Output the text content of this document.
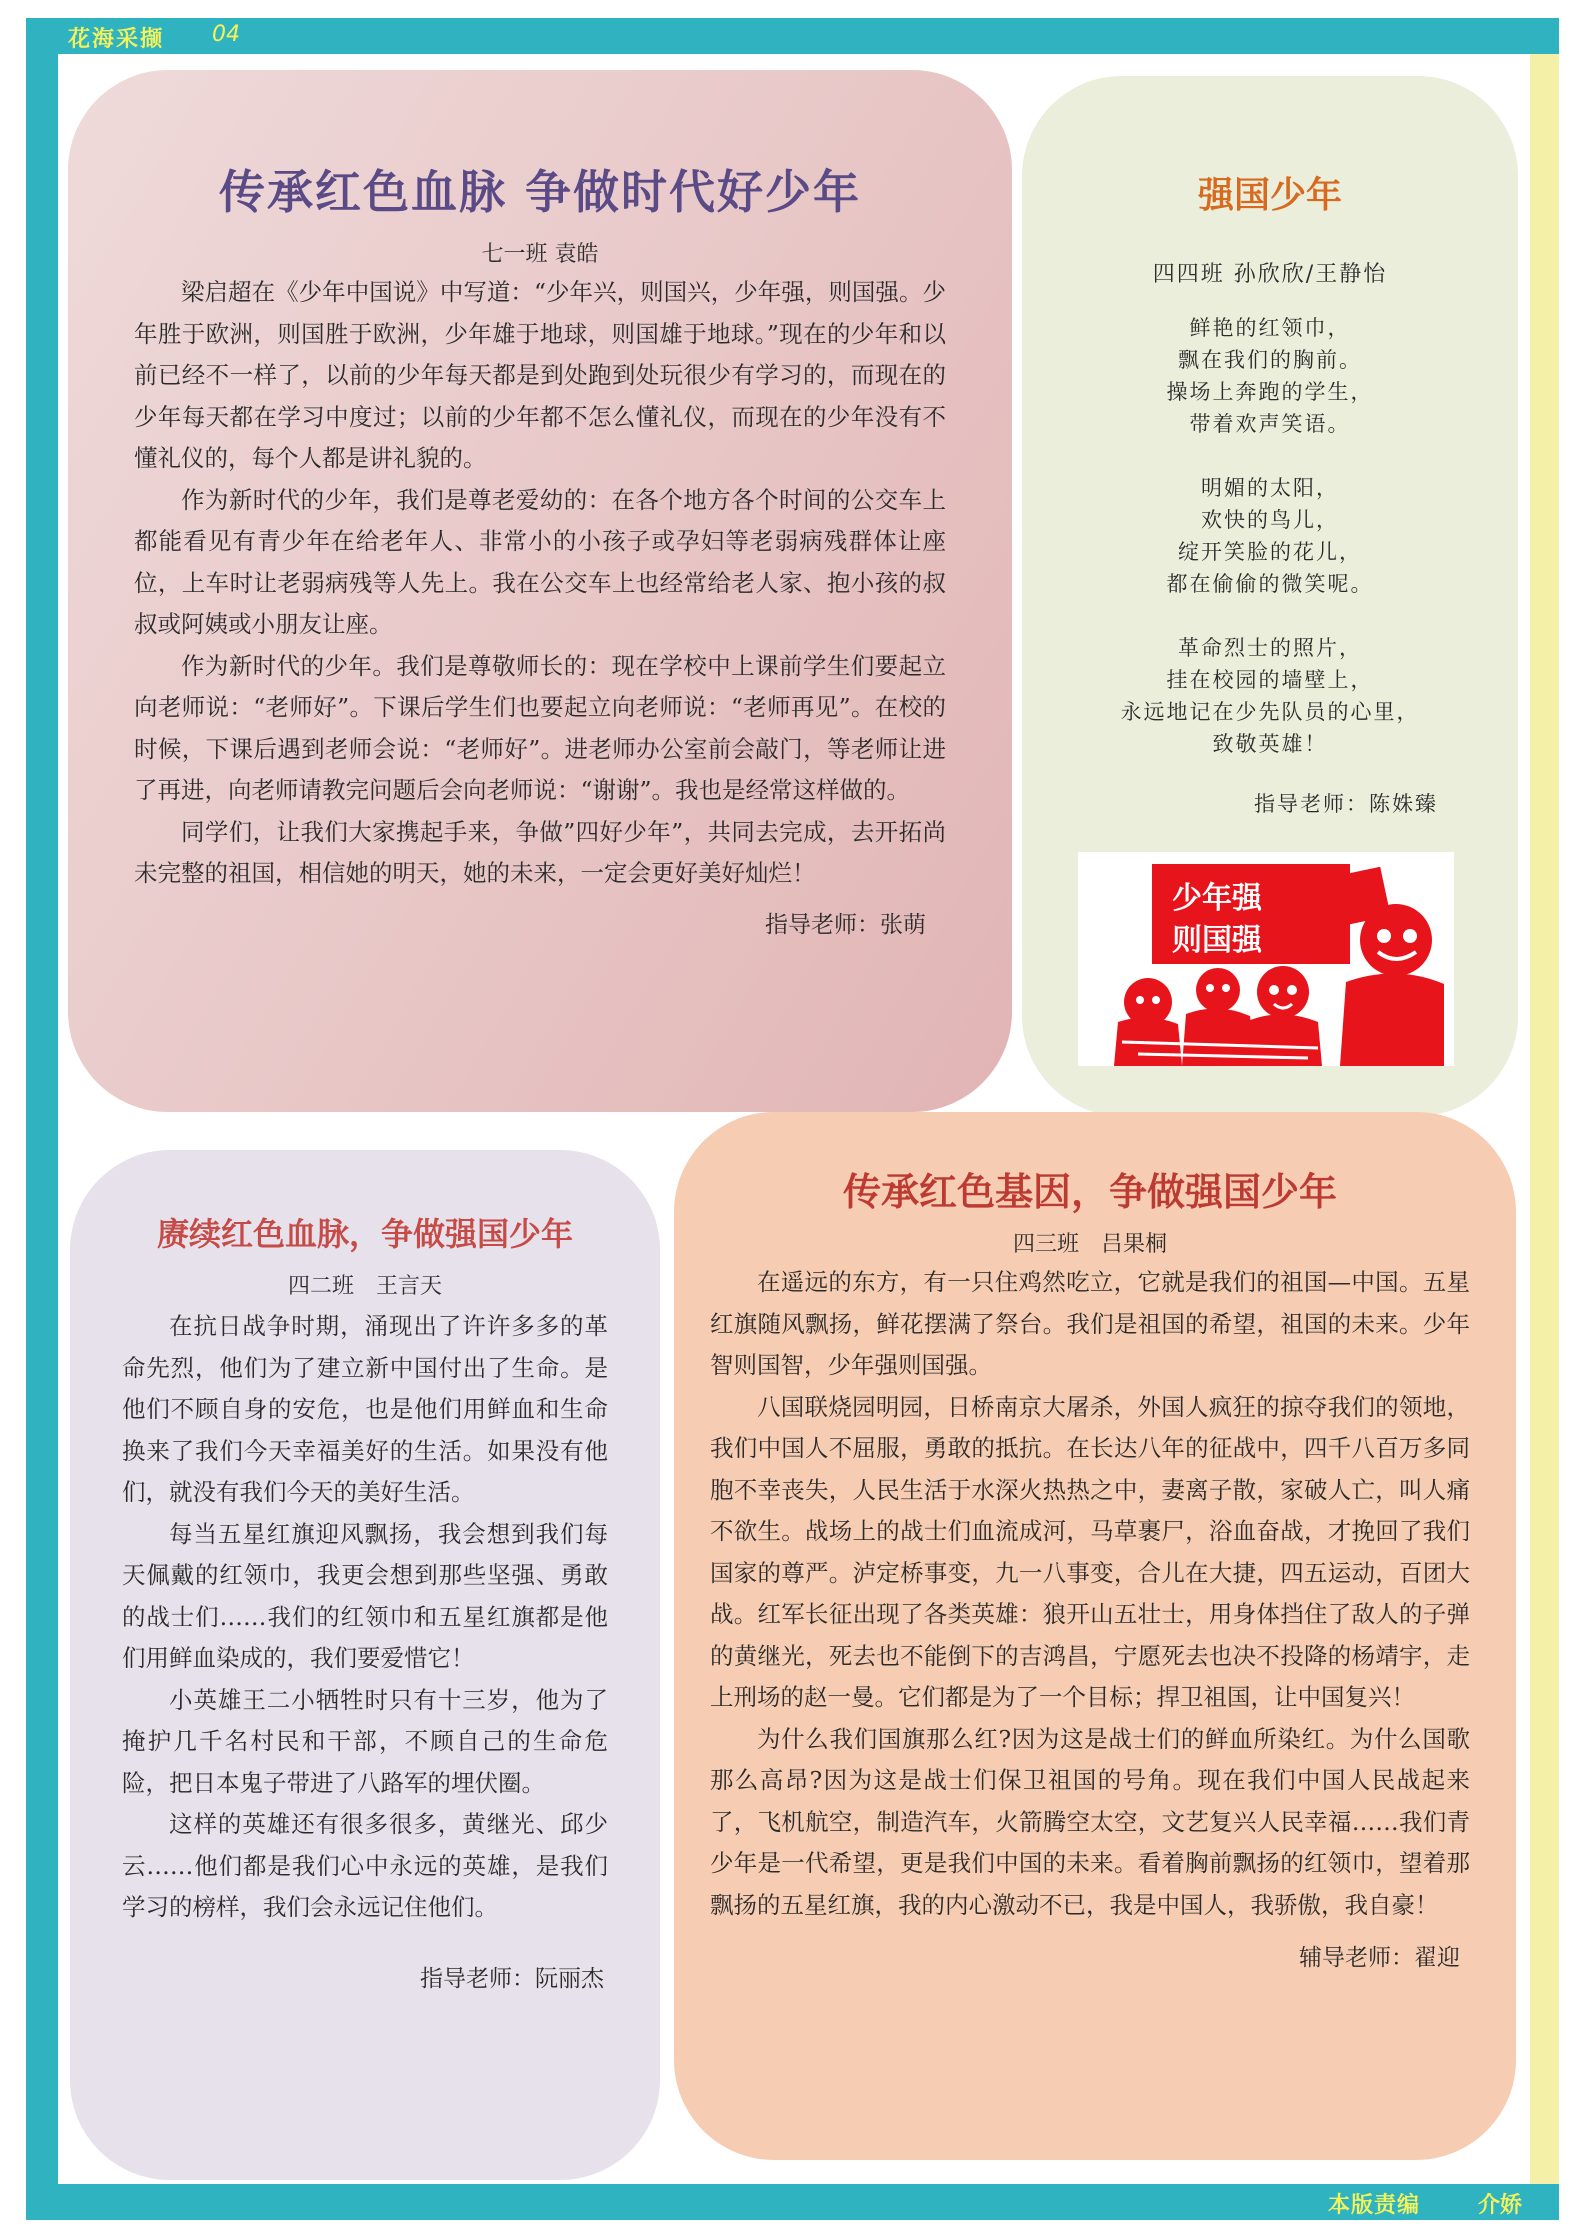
花海采撷 04
本版责编	介娇
传承红色血脉 争做时代好少年

七一班 袁皓

梁启超在《少年中国说》中写道：“少年兴，则国兴，少年强，则国强。少年胜于欧洲，则国胜于欧洲，少年雄于地球，则国雄于地球。”现在的少年和以前已经不一样了，以前的少年每天都是到处跑到处玩很少有学习的，而现在的少年每天都在学习中度过；以前的少年都不怎么懂礼仪，而现在的少年没有不懂礼仪的，每个人都是讲礼貌的。

作为新时代的少年，我们是尊老爱幼的：在各个地方各个时间的公交车上都能看见有青少年在给老年人、非常小的小孩子或孕妇等老弱病残群体让座位，上车时让老弱病残等人先上。我在公交车上也经常给老人家、抱小孩的叔叔或阿姨或小朋友让座。

作为新时代的少年。我们是尊敬师长的：现在学校中上课前学生们要起立向老师说：“老师好”。下课后学生们也要起立向老师说：“老师再见”。在校的时候，下课后遇到老师会说：“老师好”。进老师办公室前会敲门，等老师让进了再进，向老师请教完问题后会向老师说：“谢谢”。我也是经常这样做的。

同学们，让我们大家携起手来，争做”四好少年”，共同去完成，去开拓尚未完整的祖国，相信她的明天，她的未来，一定会更好美好灿烂！

指导老师：张萌

强国少年

四四班 孙欣欣/王静怡

鲜艳的红领巾，
飘在我们的胸前。
操场上奔跑的学生，
带着欢声笑语。
明媚的太阳，
欢快的鸟儿，
绽开笑脸的花儿，
都在偷偷的微笑呢。
革命烈士的照片，
挂在校园的墙壁上，
永远地记在少先队员的心里，
致敬英雄！

指导老师：陈姝臻

少年强
则国强
赓续红色血脉，争做强国少年

四二班　王言天

在抗日战争时期，涌现出了许许多多的革命先烈，他们为了建立新中国付出了生命。是他们不顾自身的安危，也是他们用鲜血和生命换来了我们今天幸福美好的生活。如果没有他们，就没有我们今天的美好生活。

每当五星红旗迎风飘扬，我会想到我们每天佩戴的红领巾，我更会想到那些坚强、勇敢的战士们……我们的红领巾和五星红旗都是他们用鲜血染成的，我们要爱惜它！

小英雄王二小牺牲时只有十三岁，他为了掩护几千名村民和干部，不顾自己的生命危险，把日本鬼子带进了八路军的埋伏圈。

这样的英雄还有很多很多，黄继光、邱少云……他们都是我们心中永远的英雄，是我们学习的榜样，我们会永远记住他们。

指导老师：阮丽杰

传承红色基因，争做强国少年

四三班　吕果桐

在遥远的东方，有一只住鸡然吃立，它就是我们的祖国—中国。五星红旗随风飘扬，鲜花摆满了祭台。我们是祖国的希望，祖国的未来。少年智则国智，少年强则国强。

八国联烧园明园，日桥南京大屠杀，外国人疯狂的掠夺我们的领地，我们中国人不屈服，勇敢的抵抗。在长达八年的征战中，四千八百万多同胞不幸丧失，人民生活于水深火热热之中，妻离子散，家破人亡，叫人痛不欲生。战场上的战士们血流成河，马草裹尸，浴血奋战，才挽回了我们国家的尊严。泸定桥事变，九一八事变，合儿在大捷，四五运动，百团大战。红军长征出现了各类英雄：狼开山五壮士，用身体挡住了敌人的子弹的黄继光，死去也不能倒下的吉鸿昌，宁愿死去也决不投降的杨靖宇，走上刑场的赵一曼。它们都是为了一个目标；捍卫祖国，让中国复兴！

为什么我们国旗那么红?因为这是战士们的鲜血所染红。为什么国歌那么高昂?因为这是战士们保卫祖国的号角。现在我们中国人民战起来了，飞机航空，制造汽车，火箭腾空太空，文艺复兴人民幸福……我们青少年是一代希望，更是我们中国的未来。看着胸前飘扬的红领巾，望着那飘扬的五星红旗，我的内心激动不已，我是中国人，我骄傲，我自豪！

辅导老师：翟迎
